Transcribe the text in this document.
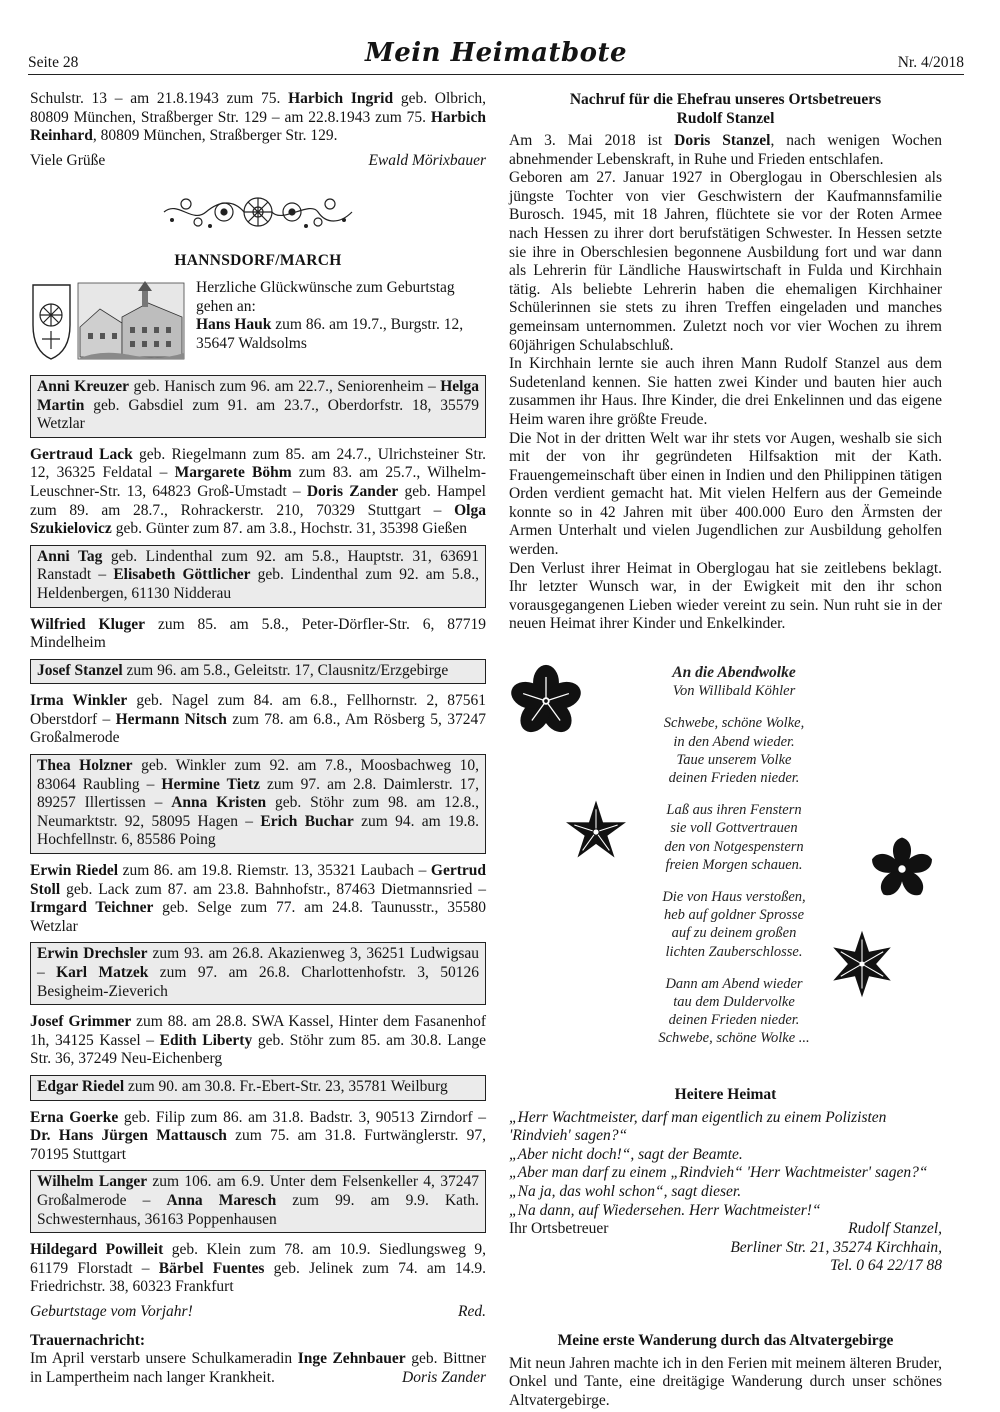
Seite 28	Mein Heimatbote	Nr. 4/2018

Schulstr. 13 – am 21.8.1943 zum 75. Harbich Ingrid geb. Olbrich, 80809 München, Straßberger Str. 129 – am 22.8.1943 zum 75. Harbich Reinhard, 80809 München, Straßberger Str. 129.

Viele Grüße	Ewald Mörixbauer
HANNSDORF/MARCH

Herzliche Glückwünsche zum Geburtstag gehen an:

Hans Hauk zum 86. am 19.7., Burgstr. 12, 35647 Waldsolms

Anni Kreuzer geb. Hanisch zum 96. am 22.7., Seniorenheim – Helga Martin geb. Gabsdiel zum 91. am 23.7., Oberdorfstr. 18, 35579 Wetzlar

Gertraud Lack geb. Riegelmann zum 85. am 24.7., Ulrichsteiner Str. 12, 36325 Feldatal – Margarete Böhm zum 83. am 25.7., Wilhelm-Leuschner-Str. 13, 64823 Groß-Umstadt – Doris Zander geb. Hampel zum 89. am 28.7., Rohrackerstr. 210, 70329 Stuttgart – Olga Szukielovicz geb. Günter zum 87. am 3.8., Hochstr. 31, 35398 Gießen

Anni Tag geb. Lindenthal zum 92. am 5.8., Hauptstr. 31, 63691 Ranstadt – Elisabeth Göttlicher geb. Lindenthal zum 92. am 5.8., Heldenbergen, 61130 Nidderau

Wilfried Kluger zum 85. am 5.8., Peter-Dörfler-Str. 6, 87719 Mindelheim

Josef Stanzel zum 96. am 5.8., Geleitstr. 17, Clausnitz/Erzgebirge

Irma Winkler geb. Nagel zum 84. am 6.8., Fellhornstr. 2, 87561 Oberstdorf – Hermann Nitsch zum 78. am 6.8., Am Rösberg 5, 37247 Großalmerode

Thea Holzner geb. Winkler zum 92. am 7.8., Moosbachweg 10, 83064 Raubling – Hermine Tietz zum 97. am 2.8. Daimlerstr. 17, 89257 Illertissen – Anna Kristen geb. Stöhr zum 98. am 12.8., Neumarktstr. 92, 58095 Hagen – Erich Buchar zum 94. am 19.8. Hochfellnstr. 6, 85586 Poing

Erwin Riedel zum 86. am 19.8. Riemstr. 13, 35321 Laubach – Gertrud Stoll geb. Lack zum 87. am 23.8. Bahnhofstr., 87463 Dietmannsried – Irmgard Teichner geb. Selge zum 77. am 24.8. Taunusstr., 35580 Wetzlar

Erwin Drechsler zum 93. am 26.8. Akazienweg 3, 36251 Ludwigsau – Karl Matzek zum 97. am 26.8. Charlottenhofstr. 3, 50126 Besigheim-Zieverich

Josef Grimmer zum 88. am 28.8. SWA Kassel, Hinter dem Fasanenhof 1h, 34125 Kassel – Edith Liberty geb. Stöhr zum 85. am 30.8. Lange Str. 36, 37249 Neu-Eichenberg

Edgar Riedel zum 90. am 30.8. Fr.-Ebert-Str. 23, 35781 Weilburg

Erna Goerke geb. Filip zum 86. am 31.8. Badstr. 3, 90513 Zirndorf – Dr. Hans Jürgen Mattausch zum 75. am 31.8. Furtwänglerstr. 97, 70195 Stuttgart

Wilhelm Langer zum 106. am 6.9. Unter dem Felsenkeller 4, 37247 Großalmerode – Anna Maresch zum 99. am 9.9. Kath. Schwesternhaus, 36163 Poppenhausen

Hildegard Powilleit geb. Klein zum 78. am 10.9. Siedlungsweg 9, 61179 Florstadt – Bärbel Fuentes geb. Jelinek zum 74. am 14.9. Friedrichstr. 38, 60323 Frankfurt

Geburtstage vom Vorjahr!	Red.

Trauernachricht:

Im April verstarb unsere Schulkameradin Inge Zehnbauer geb. Bittner in Lampertheim nach langer Krankheit.	Doris Zander

Nachruf für die Ehefrau unseres Ortsbetreuers
Rudolf Stanzel

Am 3. Mai 2018 ist Doris Stanzel, nach wenigen Wochen abnehmender Lebenskraft, in Ruhe und Frieden entschlafen.

Geboren am 27. Januar 1927 in Oberglogau in Oberschlesien als jüngste Tochter von vier Geschwistern der Kaufmannsfamilie Burosch. 1945, mit 18 Jahren, flüchtete sie vor der Roten Armee nach Hessen zu ihrer dort berufstätigen Schwester. In Hessen setzte sie ihre in Oberschlesien begonnene Ausbildung fort und war dann als Lehrerin für Ländliche Hauswirtschaft in Fulda und Kirchhain tätig. Als beliebte Lehrerin haben die ehemaligen Kirchhainer Schülerinnen sie stets zu ihren Treffen eingeladen und manches gemeinsam unternommen. Zuletzt noch vor vier Wochen zu ihrem 60jährigen Schulabschluß.

In Kirchhain lernte sie auch ihren Mann Rudolf Stanzel aus dem Sudetenland kennen. Sie hatten zwei Kinder und bauten hier auch zusammen ihr Haus. Ihre Kinder, die drei Enkelinnen und das eigene Heim waren ihre größte Freude.

Die Not in der dritten Welt war ihr stets vor Augen, weshalb sie sich mit der von ihr gegründeten Hilfsaktion mit der Kath. Frauengemeinschaft über einen in Indien und den Philippinen tätigen Orden verdient gemacht hat. Mit vielen Helfern aus der Gemeinde konnte so in 42 Jahren mit über 400.000 Euro den Ärmsten der Armen Unterhalt und vielen Jugendlichen zur Ausbildung geholfen werden.

Den Verlust ihrer Heimat in Oberglogau hat sie zeitlebens beklagt. Ihr letzter Wunsch war, in der Ewigkeit mit den ihr schon vorausgegangenen Lieben wieder vereint zu sein. Nun ruht sie in der neuen Heimat ihrer Kinder und Enkelkinder.

An die Abendwolke
Von Willibald Köhler
Schwebe, schöne Wolke,
in den Abend wieder.
Taue unserem Volke
deinen Frieden nieder.
Laß aus ihren Fenstern
sie voll Gottvertrauen
den von Notgespenstern
freien Morgen schauen.
Die von Haus verstoßen,
heb auf goldner Sprosse
auf zu deinem großen
lichten Zauberschlosse.
Dann am Abend wieder
tau dem Duldervolke
deinen Frieden nieder.
Schwebe, schöne Wolke ...
Heitere Heimat

„Herr Wachtmeister, darf man eigentlich zu einem Polizisten 'Rindvieh' sagen?“

„Aber nicht doch!“, sagt der Beamte.

„Aber man darf zu einem „Rindvieh“ 'Herr Wachtmeister' sagen?“

„Na ja, das wohl schon“, sagt dieser.

„Na dann, auf Wiedersehen. Herr Wachtmeister!“

Ihr Ortsbetreuer	Rudolf Stanzel,
Berliner Str. 21, 35274 Kirchhain,
Tel. 0 64 22/17 88
Meine erste Wanderung durch das Altvatergebirge

Mit neun Jahren machte ich in den Ferien mit meinem älteren Bruder, Onkel und Tante, eine dreitägige Wanderung durch unser schönes Altvatergebirge.
